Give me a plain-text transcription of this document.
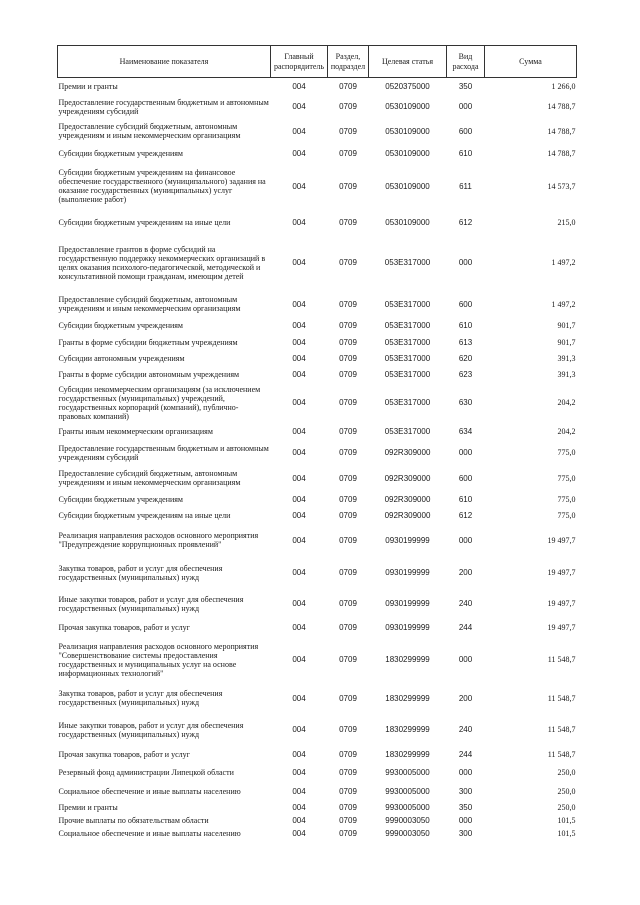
Наименование показателя	Главный распорядитель	Раздел, подраздел	Целевая статья	Вид расхода	Сумма
Премии и гранты	004	0709	0520375000	350	1 266,0
Предоставление государственным бюджетным и автономным учреждениям субсидий	004	0709	0530109000	000	14 788,7
Предоставление субсидий бюджетным, автономным учреждениям и иным некоммерческим организациям	004	0709	0530109000	600	14 788,7
Субсидии бюджетным учреждениям	004	0709	0530109000	610	14 788,7
Субсидии бюджетным учреждениям на финансовое обеспечение государственного (муниципального) задания на оказание государственных (муниципальных) услуг (выполнение работ)	004	0709	0530109000	611	14 573,7
Субсидии бюджетным учреждениям на иные цели	004	0709	0530109000	612	215,0
Предоставление грантов в форме субсидий на государственную поддержку некоммерческих организаций в целях оказания психолого-педагогической, методической и консультативной помощи гражданам, имеющим детей	004	0709	053Е317000	000	1 497,2
Предоставление субсидий бюджетным, автономным учреждениям и иным некоммерческим организациям	004	0709	053Е317000	600	1 497,2
Субсидии бюджетным учреждениям	004	0709	053Е317000	610	901,7
Гранты в форме субсидии бюджетным учреждениям	004	0709	053Е317000	613	901,7
Субсидии автономным учреждениям	004	0709	053Е317000	620	391,3
Гранты в форме субсидии автономным учреждениям	004	0709	053Е317000	623	391,3
Субсидии некоммерческим организациям (за исключением государственных (муниципальных) учреждений, государственных корпораций (компаний), публично-правовых компаний)	004	0709	053Е317000	630	204,2
Гранты иным некоммерческим организациям	004	0709	053Е317000	634	204,2
Предоставление государственным бюджетным и автономным учреждениям субсидий	004	0709	092R309000	000	775,0
Предоставление субсидий бюджетным, автономным учреждениям и иным некоммерческим организациям	004	0709	092R309000	600	775,0
Субсидии бюджетным учреждениям	004	0709	092R309000	610	775,0
Субсидии бюджетным учреждениям на иные цели	004	0709	092R309000	612	775,0
Реализация направления расходов основного мероприятия "Предупреждение коррупционных проявлений"	004	0709	0930199999	000	19 497,7
Закупка товаров, работ и услуг для обеспечения государственных (муниципальных) нужд	004	0709	0930199999	200	19 497,7
Иные закупки товаров, работ и услуг для обеспечения государственных (муниципальных) нужд	004	0709	0930199999	240	19 497,7
Прочая закупка товаров, работ и услуг	004	0709	0930199999	244	19 497,7
Реализация направления расходов основного мероприятия "Совершенствование системы предоставления государственных и муниципальных услуг на основе информационных технологий"	004	0709	1830299999	000	11 548,7
Закупка товаров, работ и услуг для обеспечения государственных (муниципальных) нужд	004	0709	1830299999	200	11 548,7
Иные закупки товаров, работ и услуг для обеспечения государственных (муниципальных) нужд	004	0709	1830299999	240	11 548,7
Прочая закупка товаров, работ и услуг	004	0709	1830299999	244	11 548,7
Резервный фонд администрации Липецкой области	004	0709	9930005000	000	250,0
Социальное обеспечение и иные выплаты населению	004	0709	9930005000	300	250,0
Премии и гранты	004	0709	9930005000	350	250,0
Прочие выплаты по обязательствам области	004	0709	9990003050	000	101,5
Социальное обеспечение и иные выплаты населению	004	0709	9990003050	300	101,5
